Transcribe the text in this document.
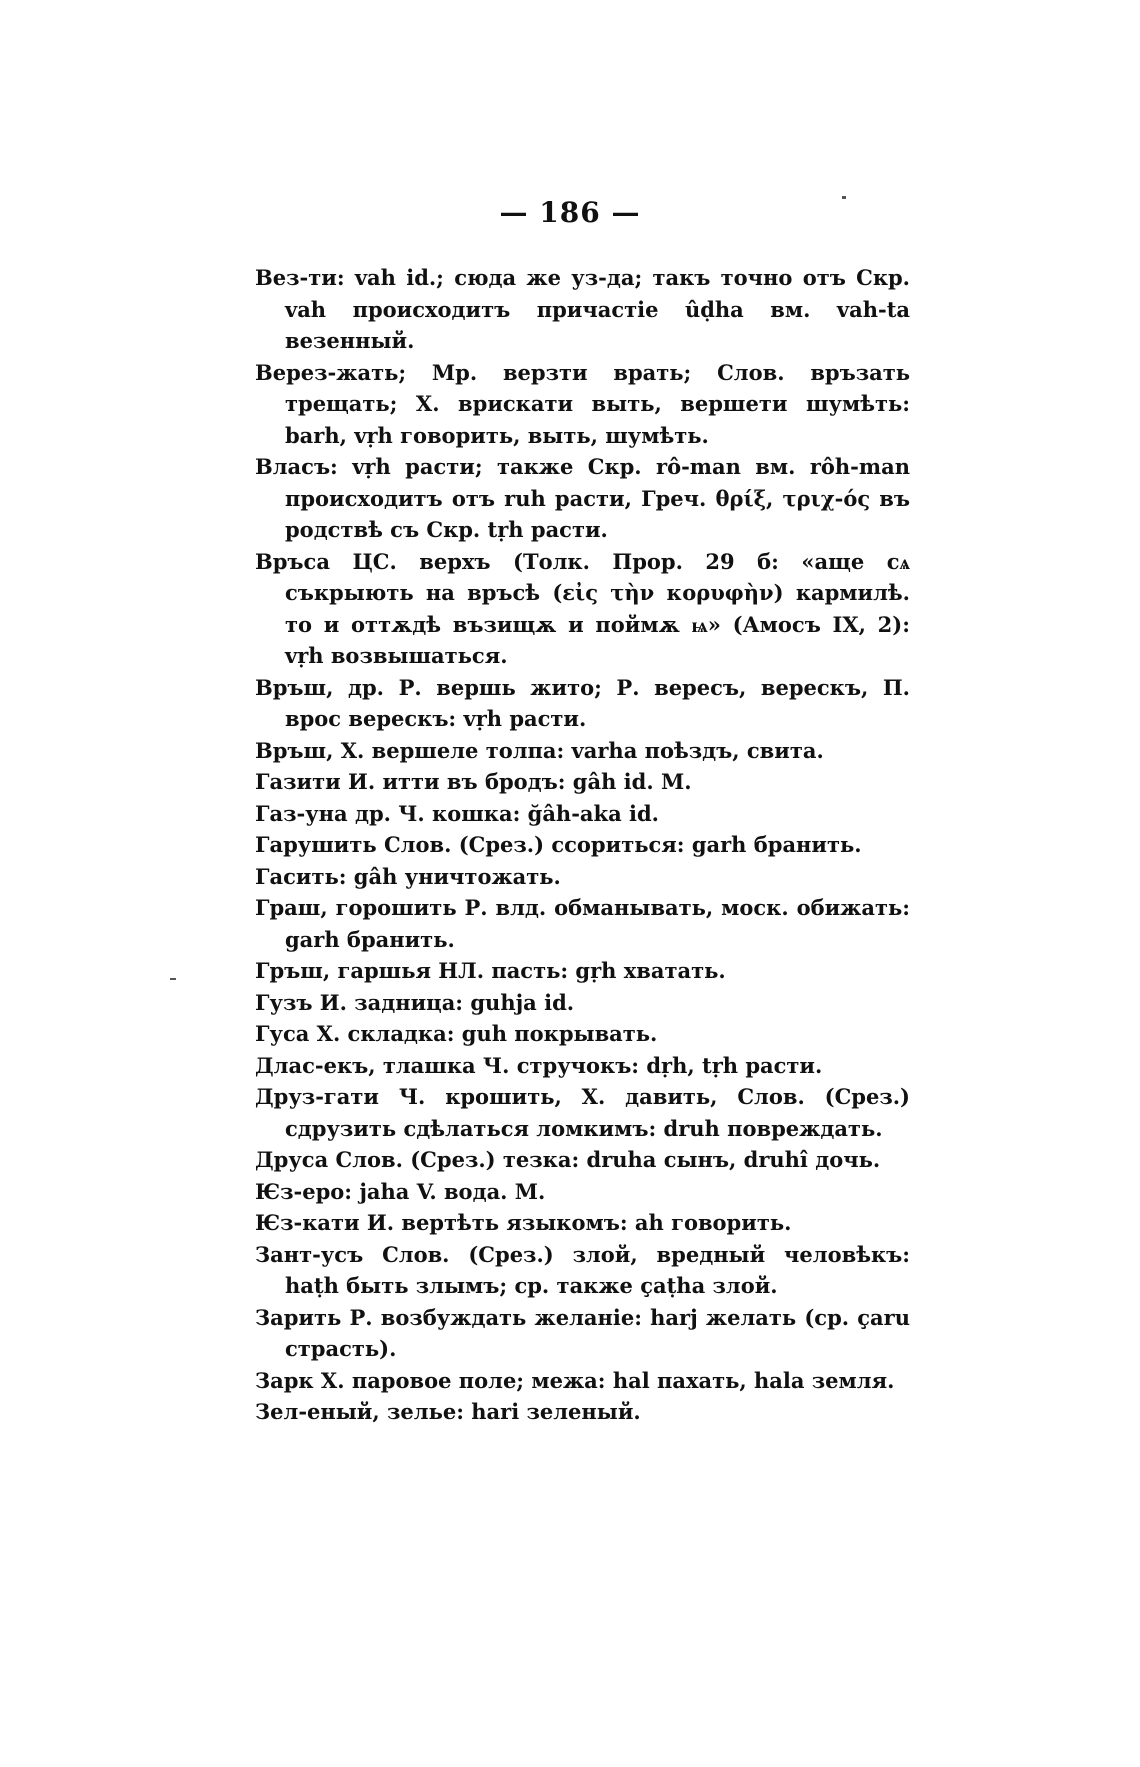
— 186 —

Вез-ти: vah id.; сюда же уз-да; такъ точно отъ Скр. vah происходитъ причастіе ûḍha вм. vah-ta везенный.

Верез-жать; Мр. верзти врать; Слов. връзать трещать; Х. врискати выть, вершети шумѣть: barh, vṛh говорить, выть, шумѣть.

Власъ: vṛh расти; также Скр. rô-man вм. rôh-man происходитъ отъ ruh расти, Греч. θρίξ, τριχ-ός въ родствѣ съ Скр. tṛh расти.

Връса ЦС. верхъ (Толк. Прор. 29 б: «аще сѧ съкрыють на връсѣ (εἰς τὴν κορυφὴν) кармилѣ. то и оттѫдѣ възищѫ и поймѫ ѩ» (Амосъ IX, 2): vṛh возвышаться.

Връш, др. Р. вершь жито; Р. вересъ, верескъ, П. врос верескъ: vṛh расти.

Връш, Х. вершеле толпа: varha поѣздъ, свита.

Газити И. итти въ бродъ: gâh id. М.

Газ-уна др. Ч. кошка: ğâh-aka id.

Гарушить Слов. (Срез.) ссориться: garh бранить.

Гасить: gâh уничтожать.

Граш, горошить Р. влд. обманывать, моск. обижать: garh бранить.

Гръш, гаршья НЛ. пасть: gṛh хватать.

Гузъ И. задница: guhja id.

Гуса Х. складка: guh покрывать.

Длас-екъ, тлашка Ч. стручокъ: dṛh, tṛh расти.

Друз-гати Ч. крошить, Х. давить, Слов. (Срез.) сдрузить сдѣлаться ломкимъ: druh повреждать.

Друса Слов. (Срез.) тезка: druha сынъ, druhî дочь.

Ѥз-еро: jaha V. вода. М.

Ѥз-кати И. вертѣть языкомъ: ah говорить.

Зант-усъ Слов. (Срез.) злой, вредный человѣкъ: haṭh быть злымъ; ср. также çaṭha злой.

Зарить Р. возбуждать желаніе: harj желать (ср. çaru страсть).

Зарк Х. паровое поле; межа: hal пахать, hala земля.

Зел-еный, зелье: hari зеленый.
